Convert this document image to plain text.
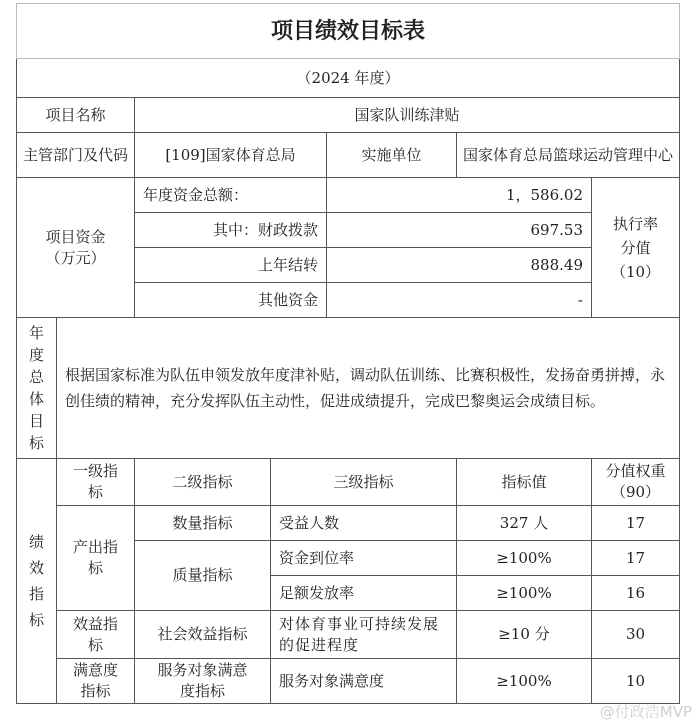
项目绩效目标表						
（2024 年度）						
项目名称		国家队训练津贴				
主管部门及代码		[109]国家体育总局		实施单位	国家体育总局篮球运动管理中心	
项目资金（万元）		年度资金总额：		1，586.02		执行率分值（10）
		其中：财政拨款		697.53		
		上年结转		888.49		
		其他资金		-		
年度总体目标	根据国家标准为队伍申领发放年度津补贴，调动队伍训练、比赛积极性，发扬奋勇拼搏，永创佳绩的精神，充分发挥队伍主动性，促进成绩提升，完成巴黎奥运会成绩目标。					
绩效指标	一级指标	二级指标	三级指标		指标值	分值权重（90）
	产出指标	数量指标	受益人数		327 人	17
		质量指标	资金到位率		≥100%	17
			足额发放率		≥100%	16
	效益指标	社会效益指标	对体育事业可持续发展的促进程度		≥10 分	30
	满意度指标	服务对象满意度指标	服务对象满意度		≥100%	10
@付政浩MVP
